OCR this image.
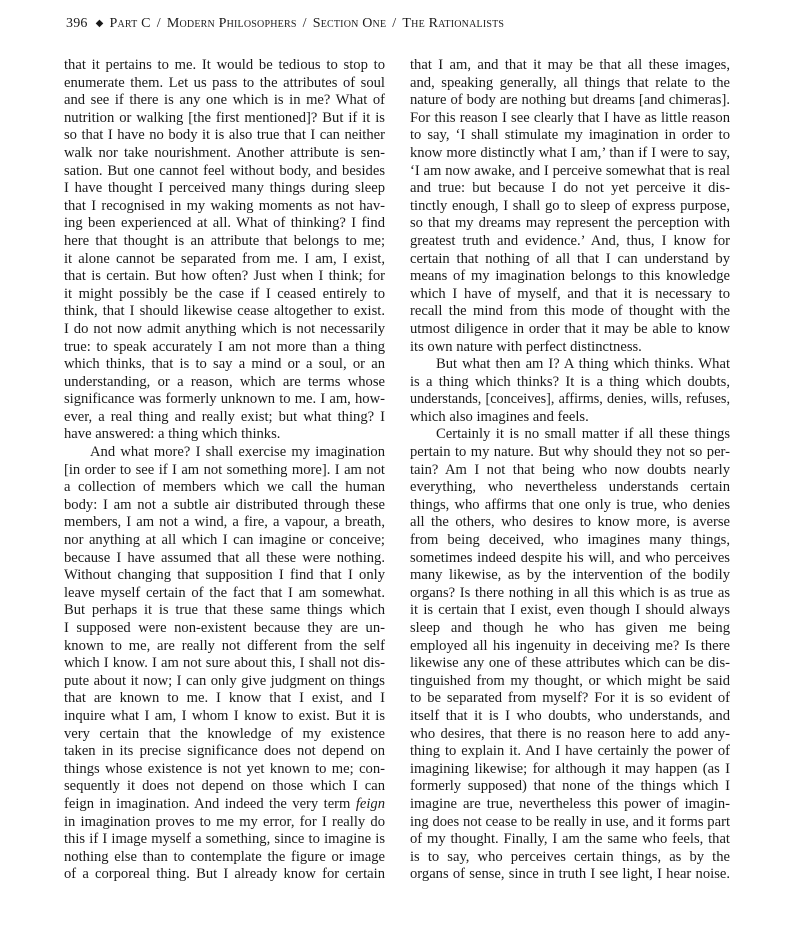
396 ◆ Part C / Modern Philosophers / Section One / The Rationalists
that it pertains to me. It would be tedious to stop to
enumerate them. Let us pass to the attributes of soul
and see if there is any one which is in me? What of
nutrition or walking [the first mentioned]? But if it is
so that I have no body it is also true that I can neither
walk nor take nourishment. Another attribute is sen-
sation. But one cannot feel without body, and besides
I have thought I perceived many things during sleep
that I recognised in my waking moments as not hav-
ing been experienced at all. What of thinking? I find
here that thought is an attribute that belongs to me;
it alone cannot be separated from me. I am, I exist,
that is certain. But how often? Just when I think; for
it might possibly be the case if I ceased entirely to
think, that I should likewise cease altogether to exist.
I do not now admit anything which is not necessarily
true: to speak accurately I am not more than a thing
which thinks, that is to say a mind or a soul, or an
understanding, or a reason, which are terms whose
significance was formerly unknown to me. I am, how-
ever, a real thing and really exist; but what thing? I
have answered: a thing which thinks.
And what more? I shall exercise my imagination
[in order to see if I am not something more]. I am not
a collection of members which we call the human
body: I am not a subtle air distributed through these
members, I am not a wind, a fire, a vapour, a breath,
nor anything at all which I can imagine or conceive;
because I have assumed that all these were nothing.
Without changing that supposition I find that I only
leave myself certain of the fact that I am somewhat.
But perhaps it is true that these same things which
I supposed were non-existent because they are un-
known to me, are really not different from the self
which I know. I am not sure about this, I shall not dis-
pute about it now; I can only give judgment on things
that are known to me. I know that I exist, and I
inquire what I am, I whom I know to exist. But it is
very certain that the knowledge of my existence
taken in its precise significance does not depend on
things whose existence is not yet known to me; con-
sequently it does not depend on those which I can
feign in imagination. And indeed the very term feign
in imagination proves to me my error, for I really do
this if I image myself a something, since to imagine is
nothing else than to contemplate the figure or image
of a corporeal thing. But I already know for certain
that I am, and that it may be that all these images,
and, speaking generally, all things that relate to the
nature of body are nothing but dreams [and chimeras].
For this reason I see clearly that I have as little reason
to say, ‘I shall stimulate my imagination in order to
know more distinctly what I am,’ than if I were to say,
‘I am now awake, and I perceive somewhat that is real
and true: but because I do not yet perceive it dis-
tinctly enough, I shall go to sleep of express purpose,
so that my dreams may represent the perception with
greatest truth and evidence.’ And, thus, I know for
certain that nothing of all that I can understand by
means of my imagination belongs to this knowledge
which I have of myself, and that it is necessary to
recall the mind from this mode of thought with the
utmost diligence in order that it may be able to know
its own nature with perfect distinctness.
But what then am I? A thing which thinks. What
is a thing which thinks? It is a thing which doubts,
understands, [conceives], affirms, denies, wills, refuses,
which also imagines and feels.
Certainly it is no small matter if all these things
pertain to my nature. But why should they not so per-
tain? Am I not that being who now doubts nearly
everything, who nevertheless understands certain
things, who affirms that one only is true, who denies
all the others, who desires to know more, is averse
from being deceived, who imagines many things,
sometimes indeed despite his will, and who perceives
many likewise, as by the intervention of the bodily
organs? Is there nothing in all this which is as true as
it is certain that I exist, even though I should always
sleep and though he who has given me being
employed all his ingenuity in deceiving me? Is there
likewise any one of these attributes which can be dis-
tinguished from my thought, or which might be said
to be separated from myself? For it is so evident of
itself that it is I who doubts, who understands, and
who desires, that there is no reason here to add any-
thing to explain it. And I have certainly the power of
imagining likewise; for although it may happen (as I
formerly supposed) that none of the things which I
imagine are true, nevertheless this power of imagin-
ing does not cease to be really in use, and it forms part
of my thought. Finally, I am the same who feels, that
is to say, who perceives certain things, as by the
organs of sense, since in truth I see light, I hear noise.
